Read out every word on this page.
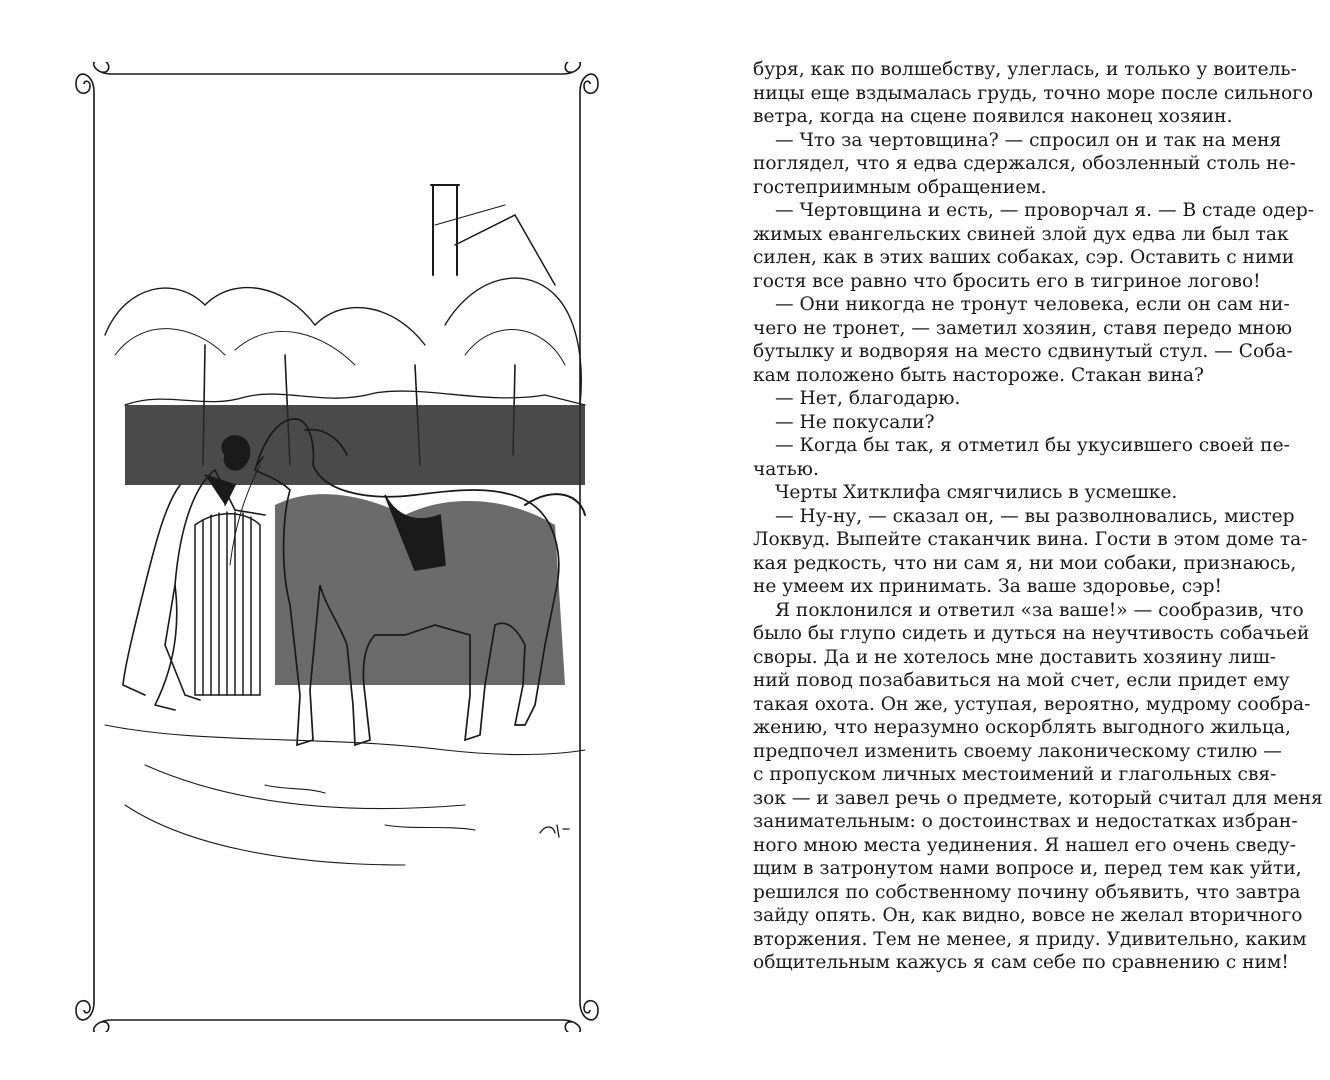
буря, как по волшебству, улеглась, и только у воитель-
ницы еще вздымалась грудь, точно море после сильного
ветра, когда на сцене появился наконец хозяин.
— Что за чертовщина? — спросил он и так на меня
поглядел, что я едва сдержался, обозленный столь не-
гостеприимным обращением.
— Чертовщина и есть, — проворчал я. — В стаде одер-
жимых евангельских свиней злой дух едва ли был так
силен, как в этих ваших собаках, сэр. Оставить с ними
гостя все равно что бросить его в тигриное логово!
— Они никогда не тронут человека, если он сам ни-
чего не тронет, — заметил хозяин, ставя передо мною
бутылку и водворяя на место сдвинутый стул. — Соба-
кам положено быть настороже. Стакан вина?
— Нет, благодарю.
— Не покусали?
— Когда бы так, я отметил бы укусившего своей пе-
чатью.
Черты Хитклифа смягчились в усмешке.
— Ну-ну, — сказал он, — вы разволновались, мистер
Локвуд. Выпейте стаканчик вина. Гости в этом доме та-
кая редкость, что ни сам я, ни мои собаки, признаюсь,
не умеем их принимать. За ваше здоровье, сэр!
Я поклонился и ответил «за ваше!» — сообразив, что
было бы глупо сидеть и дуться на неучтивость собачьей
своры. Да и не хотелось мне доставить хозяину лиш-
ний повод позабавиться на мой счет, если придет ему
такая охота. Он же, уступая, вероятно, мудрому сообра-
жению, что неразумно оскорблять выгодного жильца,
предпочел изменить своему лаконическому стилю —
с пропуском личных местоимений и глагольных свя-
зок — и завел речь о предмете, который считал для меня
занимательным: о достоинствах и недостатках избран-
ного мною места уединения. Я нашел его очень сведу-
щим в затронутом нами вопросе и, перед тем как уйти,
решился по собственному почину объявить, что завтра
зайду опять. Он, как видно, вовсе не желал вторичного
вторжения. Тем не менее, я приду. Удивительно, каким
общительным кажусь я сам себе по сравнению с ним!
